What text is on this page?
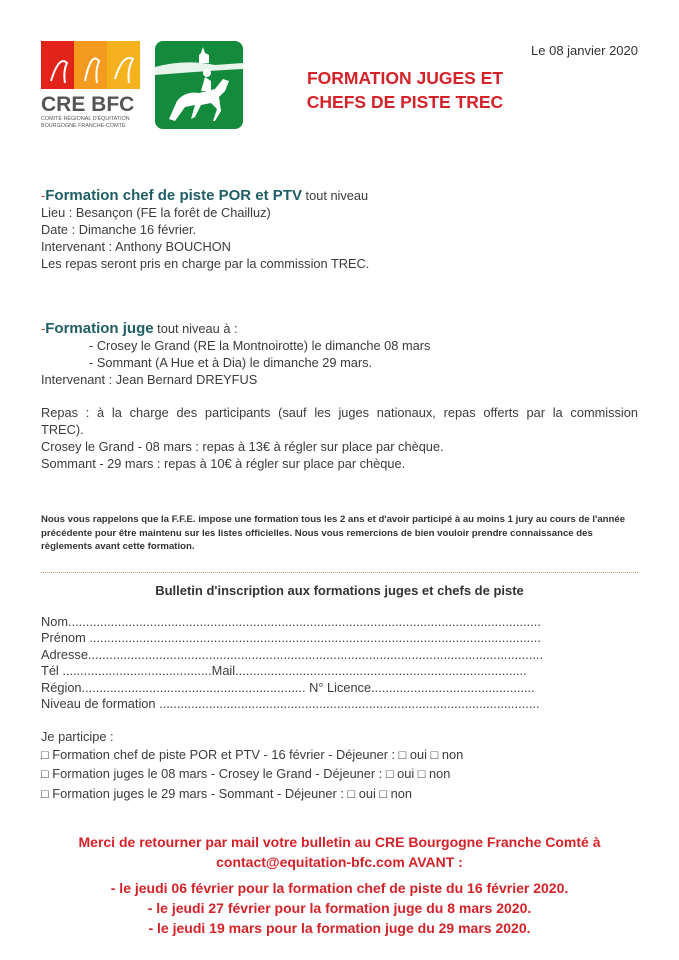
CRE BFC
COMITÉ RÉGIONAL D'ÉQUITATION
BOURGOGNE FRANCHE-COMTÉ
Le 08 janvier 2020
FORMATION JUGES ET
CHEFS DE PISTE TREC
-Formation chef de piste POR et PTV tout niveau
Lieu : Besançon (FE la forêt de Chailluz)
Date : Dimanche 16 février.
Intervenant : Anthony BOUCHON
Les repas seront pris en charge par la commission TREC.
-Formation juge tout niveau à :
- Crosey le Grand (RE la Montnoirotte) le dimanche 08 mars
- Sommant (A Hue et à Dia) le dimanche 29 mars.
Intervenant : Jean Bernard DREYFUS
Repas : à la charge des participants (sauf les juges nationaux, repas offerts par la commission
TREC).
Crosey le Grand - 08 mars : repas à 13€ à régler sur place par chèque.
Sommant - 29 mars : repas à 10€ à régler sur place par chèque.
Nous vous rappelons que la F.F.E. impose une formation tous les 2 ans et d'avoir participé à au moins 1 jury au cours de l'année précédente pour être maintenu sur les listes officielles. Nous vous remercions de bien vouloir prendre connaissance des règlements avant cette formation.
Bulletin d'inscription aux formations juges et chefs de piste
Nom.....................................................................................................................................
Prénom ...............................................................................................................................
Adresse................................................................................................................................
Tél ..........................................Mail..................................................................................
Région............................................................... N° Licence..............................................
Niveau de formation ...........................................................................................................
Je participe :
□ Formation chef de piste POR et PTV - 16 février - Déjeuner : □ oui □ non
□ Formation juges le 08 mars - Crosey le Grand - Déjeuner : □ oui □ non
□ Formation juges le 29 mars - Sommant - Déjeuner : □ oui □ non
Merci de retourner par mail votre bulletin au CRE Bourgogne Franche Comté à
contact@equitation-bfc.com AVANT :
- le jeudi 06 février pour la formation chef de piste du 16 février 2020.
- le jeudi 27 février pour la formation juge du 8 mars 2020.
- le jeudi 19 mars pour la formation juge du 29 mars 2020.
